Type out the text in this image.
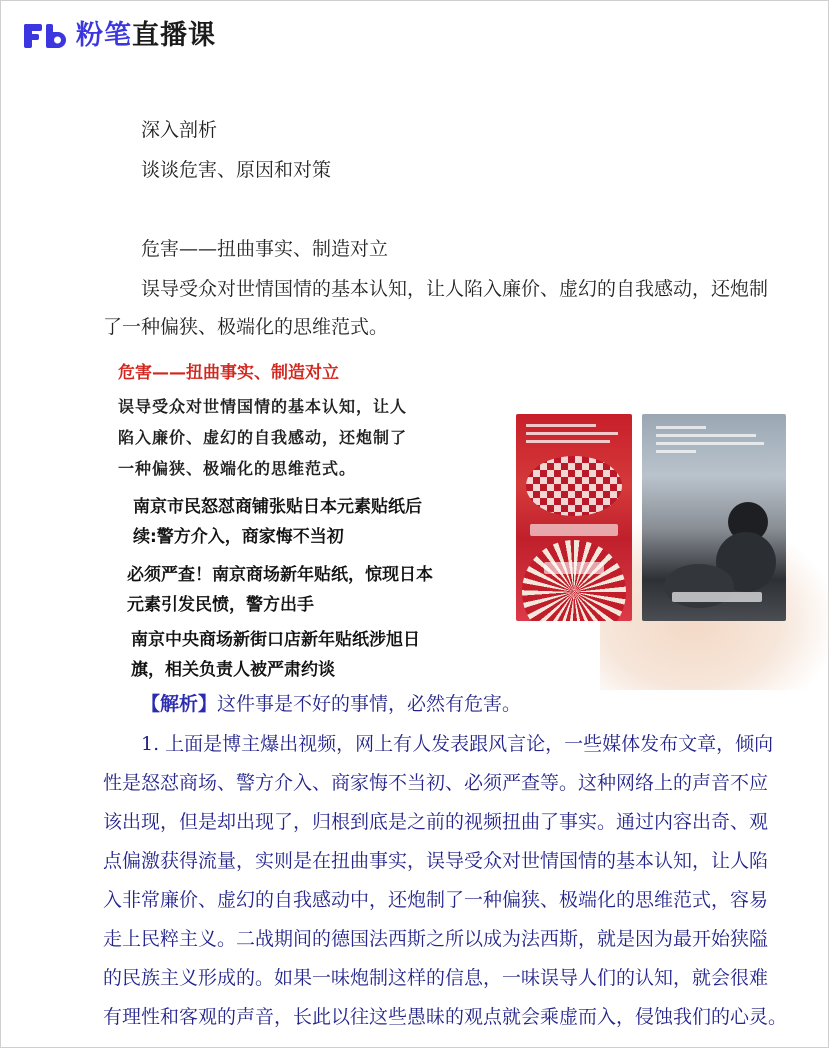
粉笔 直播课
深入剖析
谈谈危害、原因和对策
危害——扭曲事实、制造对立
误导受众对世情国情的基本认知，让人陷入廉价、虚幻的自我感动，还炮制
了一种偏狭、极端化的思维范式。
危害——扭曲事实、制造对立
误导受众对世情国情的基本认知，让人
陷入廉价、虚幻的自我感动，还炮制了
一种偏狭、极端化的思维范式。
南京市民怒怼商铺张贴日本元素贴纸后
续:警方介入，商家悔不当初
必须严查！南京商场新年贴纸，惊现日本
元素引发民愤，警方出手
南京中央商场新街口店新年贴纸涉旭日
旗，相关负责人被严肃约谈
【解析】这件事是不好的事情，必然有危害。
1. 上面是博主爆出视频，网上有人发表跟风言论，一些媒体发布文章，倾向
性是怒怼商场、警方介入、商家悔不当初、必须严查等。这种网络上的声音不应
该出现，但是却出现了，归根到底是之前的视频扭曲了事实。通过内容出奇、观
点偏激获得流量，实则是在扭曲事实，误导受众对世情国情的基本认知，让人陷
入非常廉价、虚幻的自我感动中，还炮制了一种偏狭、极端化的思维范式，容易
走上民粹主义。二战期间的德国法西斯之所以成为法西斯，就是因为最开始狭隘
的民族主义形成的。如果一味炮制这样的信息，一味误导人们的认知，就会很难
有理性和客观的声音，长此以往这些愚昧的观点就会乘虚而入，侵蚀我们的心灵。
